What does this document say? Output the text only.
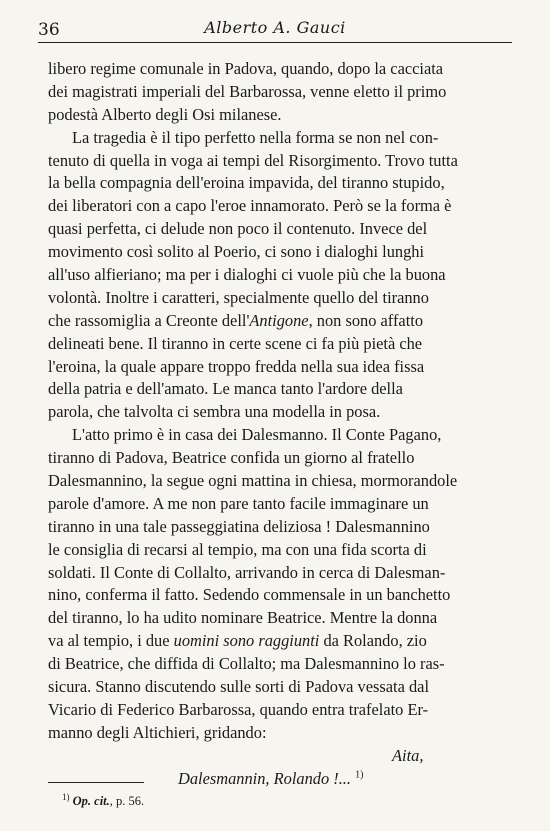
36	Alberto A. Gauci
libero regime comunale in Padova, quando, dopo la cacciata
dei magistrati imperiali del Barbarossa, venne eletto il primo
podestà Alberto degli Osi milanese.
La tragedia è il tipo perfetto nella forma se non nel con-
tenuto di quella in voga ai tempi del Risorgimento. Trovo tutta
la bella compagnia dell'eroina impavida, del tiranno stupido,
dei liberatori con a capo l'eroe innamorato. Però se la forma è
quasi perfetta, ci delude non poco il contenuto. Invece del
movimento così solito al Poerio, ci sono i dialoghi lunghi
all'uso alfieriano; ma per i dialoghi ci vuole più che la buona
volontà. Inoltre i caratteri, specialmente quello del tiranno
che rassomiglia a Creonte dell'Antigone, non sono affatto
delineati bene. Il tiranno in certe scene ci fa più pietà che
l'eroina, la quale appare troppo fredda nella sua idea fissa
della patria e dell'amato. Le manca tanto l'ardore della
parola, che talvolta ci sembra una modella in posa.
L'atto primo è in casa dei Dalesmanno. Il Conte Pagano,
tiranno di Padova, Beatrice confida un giorno al fratello
Dalesmannino, la segue ogni mattina in chiesa, mormorandole
parole d'amore. A me non pare tanto facile immaginare un
tiranno in una tale passeggiatina deliziosa ! Dalesmannino
le consiglia di recarsi al tempio, ma con una fida scorta di
soldati. Il Conte di Collalto, arrivando in cerca di Dalesman-
nino, conferma il fatto. Sedendo commensale in un banchetto
del tiranno, lo ha udito nominare Beatrice. Mentre la donna
va al tempio, i due uomini sono raggiunti da Rolando, zio
di Beatrice, che diffida di Collalto; ma Dalesmannino lo ras-
sicura. Stanno discutendo sulle sorti di Padova vessata dal
Vicario di Federico Barbarossa, quando entra trafelato Er-
manno degli Altichieri, gridando:
Aita,
Dalesmannin, Rolando !... $^{1)}$
$^{1)}$ Op. cit., p. 56.
